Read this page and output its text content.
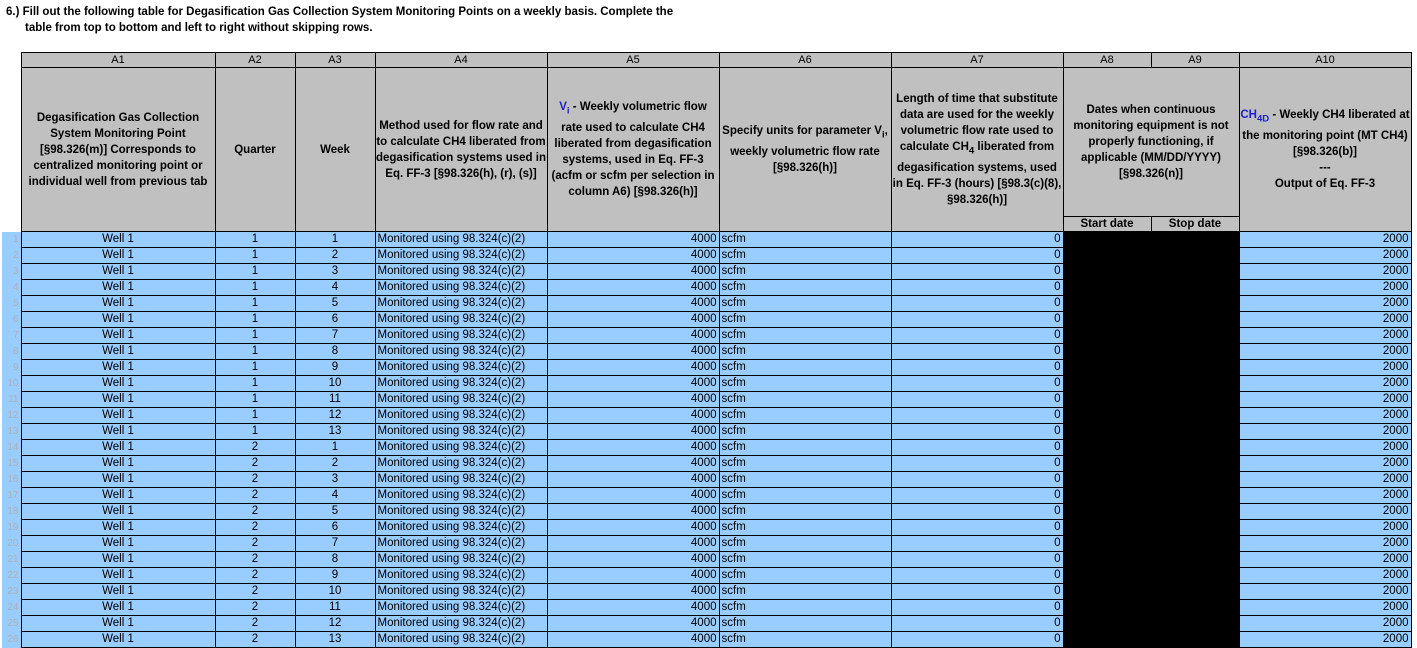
6.) Fill out the following table for Degasification Gas Collection System Monitoring Points on a weekly basis. Complete the
table from top to bottom and left to right without skipping rows.
	A1	A2	A3	A4	A5	A6	A7	A8	A9	A10
	Degasification Gas Collection System Monitoring Point [§98.326(m)] Corresponds to centralized monitoring point or individual well from previous tab	Quarter	Week	Method used for flow rate and to calculate CH4 liberated from degasification systems used in Eq. FF-3 [§98.326(h), (r), (s)]	$V_i$ - Weekly volumetric flow rate used to calculate CH4 liberated from degasification systems, used in Eq. FF-3 (acfm or scfm per selection in column A6) [§98.326(h)]	Specify units for parameter $V_i$, weekly volumetric flow rate [§98.326(h)]	Length of time that substitute data are used for the weekly volumetric flow rate used to calculate $CH_4$ liberated from degasification systems, used in Eq. FF-3 (hours) [§98.3(c)(8), §98.326(h)]	Dates when continuous monitoring equipment is not properly functioning, if applicable (MM/DD/YYYY) [§98.326(n)]		$CH_{4D}$ - Weekly CH4 liberated at the monitoring point (MT CH4) [§98.326(b)]
---
Output of Eq. FF-3
								Start date	Stop date	
1	Well 1	1	1	Monitored using 98.324(c)(2)	4000	scfm	0			2000
2	Well 1	1	2	Monitored using 98.324(c)(2)	4000	scfm	0			2000
3	Well 1	1	3	Monitored using 98.324(c)(2)	4000	scfm	0			2000
4	Well 1	1	4	Monitored using 98.324(c)(2)	4000	scfm	0			2000
5	Well 1	1	5	Monitored using 98.324(c)(2)	4000	scfm	0			2000
6	Well 1	1	6	Monitored using 98.324(c)(2)	4000	scfm	0			2000
7	Well 1	1	7	Monitored using 98.324(c)(2)	4000	scfm	0			2000
8	Well 1	1	8	Monitored using 98.324(c)(2)	4000	scfm	0			2000
9	Well 1	1	9	Monitored using 98.324(c)(2)	4000	scfm	0			2000
10	Well 1	1	10	Monitored using 98.324(c)(2)	4000	scfm	0			2000
11	Well 1	1	11	Monitored using 98.324(c)(2)	4000	scfm	0			2000
12	Well 1	1	12	Monitored using 98.324(c)(2)	4000	scfm	0			2000
13	Well 1	1	13	Monitored using 98.324(c)(2)	4000	scfm	0			2000
14	Well 1	2	1	Monitored using 98.324(c)(2)	4000	scfm	0			2000
15	Well 1	2	2	Monitored using 98.324(c)(2)	4000	scfm	0			2000
16	Well 1	2	3	Monitored using 98.324(c)(2)	4000	scfm	0			2000
17	Well 1	2	4	Monitored using 98.324(c)(2)	4000	scfm	0			2000
18	Well 1	2	5	Monitored using 98.324(c)(2)	4000	scfm	0			2000
19	Well 1	2	6	Monitored using 98.324(c)(2)	4000	scfm	0			2000
20	Well 1	2	7	Monitored using 98.324(c)(2)	4000	scfm	0			2000
21	Well 1	2	8	Monitored using 98.324(c)(2)	4000	scfm	0			2000
22	Well 1	2	9	Monitored using 98.324(c)(2)	4000	scfm	0			2000
23	Well 1	2	10	Monitored using 98.324(c)(2)	4000	scfm	0			2000
24	Well 1	2	11	Monitored using 98.324(c)(2)	4000	scfm	0			2000
25	Well 1	2	12	Monitored using 98.324(c)(2)	4000	scfm	0			2000
26	Well 1	2	13	Monitored using 98.324(c)(2)	4000	scfm	0			2000
